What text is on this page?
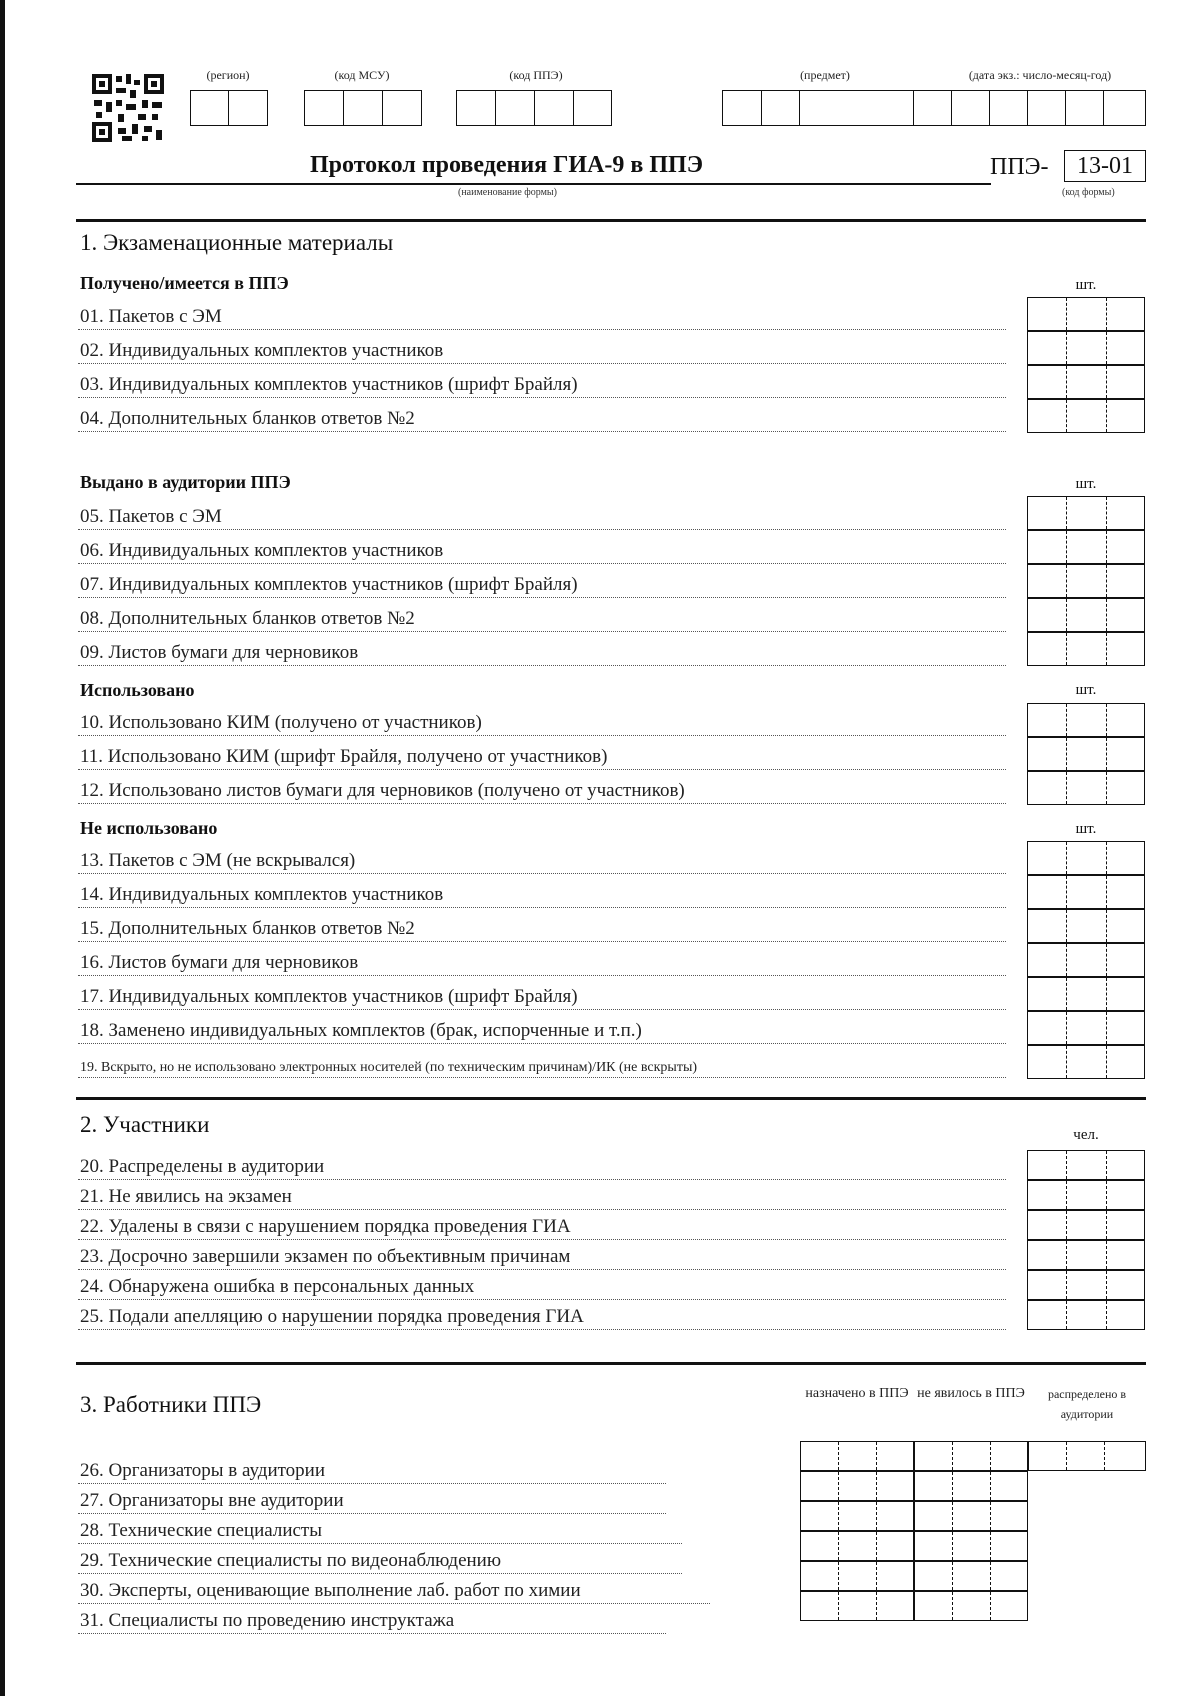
(регион)	(код МСУ)	(код ППЭ)	(предмет)	(дата экз.: число-месяц-год)
Протокол проведения ГИА-9 в ППЭ	ППЭ-	13-01
(наименование формы)	(код формы)
1. Экзаменационные материалы
Получено/имеется в ППЭ	шт.
01. Пакетов с ЭМ
02. Индивидуальных комплектов участников
03. Индивидуальных комплектов участников (шрифт Брайля)
04. Дополнительных бланков ответов №2
Выдано в аудитории ППЭ	шт.
05. Пакетов с ЭМ
06. Индивидуальных комплектов участников
07. Индивидуальных комплектов участников (шрифт Брайля)
08. Дополнительных бланков ответов №2
09. Листов бумаги для черновиков
Использовано	шт.
10. Использовано КИМ (получено от участников)
11. Использовано КИМ (шрифт Брайля, получено от участников)
12. Использовано листов бумаги для черновиков (получено от участников)
Не использовано	шт.
13. Пакетов с ЭМ (не вскрывался)
14. Индивидуальных комплектов участников
15. Дополнительных бланков ответов №2
16. Листов бумаги для черновиков
17. Индивидуальных комплектов участников (шрифт Брайля)
18. Заменено индивидуальных комплектов (брак, испорченные и т.п.)
19. Вскрыто, но не использовано электронных носителей (по техническим причинам)/ИК (не вскрыты)
2. Участники	чел.
20. Распределены в аудитории
21. Не явились на экзамен
22. Удалены в связи с нарушением порядка проведения ГИА
23. Досрочно завершили экзамен по объективным причинам
24. Обнаружена ошибка в персональных данных
25. Подали апелляцию о нарушении порядка проведения ГИА
3. Работники ППЭ	назначено в ППЭ не явилось в ППЭ	распределено в аудитории
26. Организаторы в аудитории
27. Организаторы вне аудитории
28. Технические специалисты
29. Технические специалисты по видеонаблюдению
30. Эксперты, оценивающие выполнение лаб. работ по химии
31. Специалисты по проведению инструктажа
